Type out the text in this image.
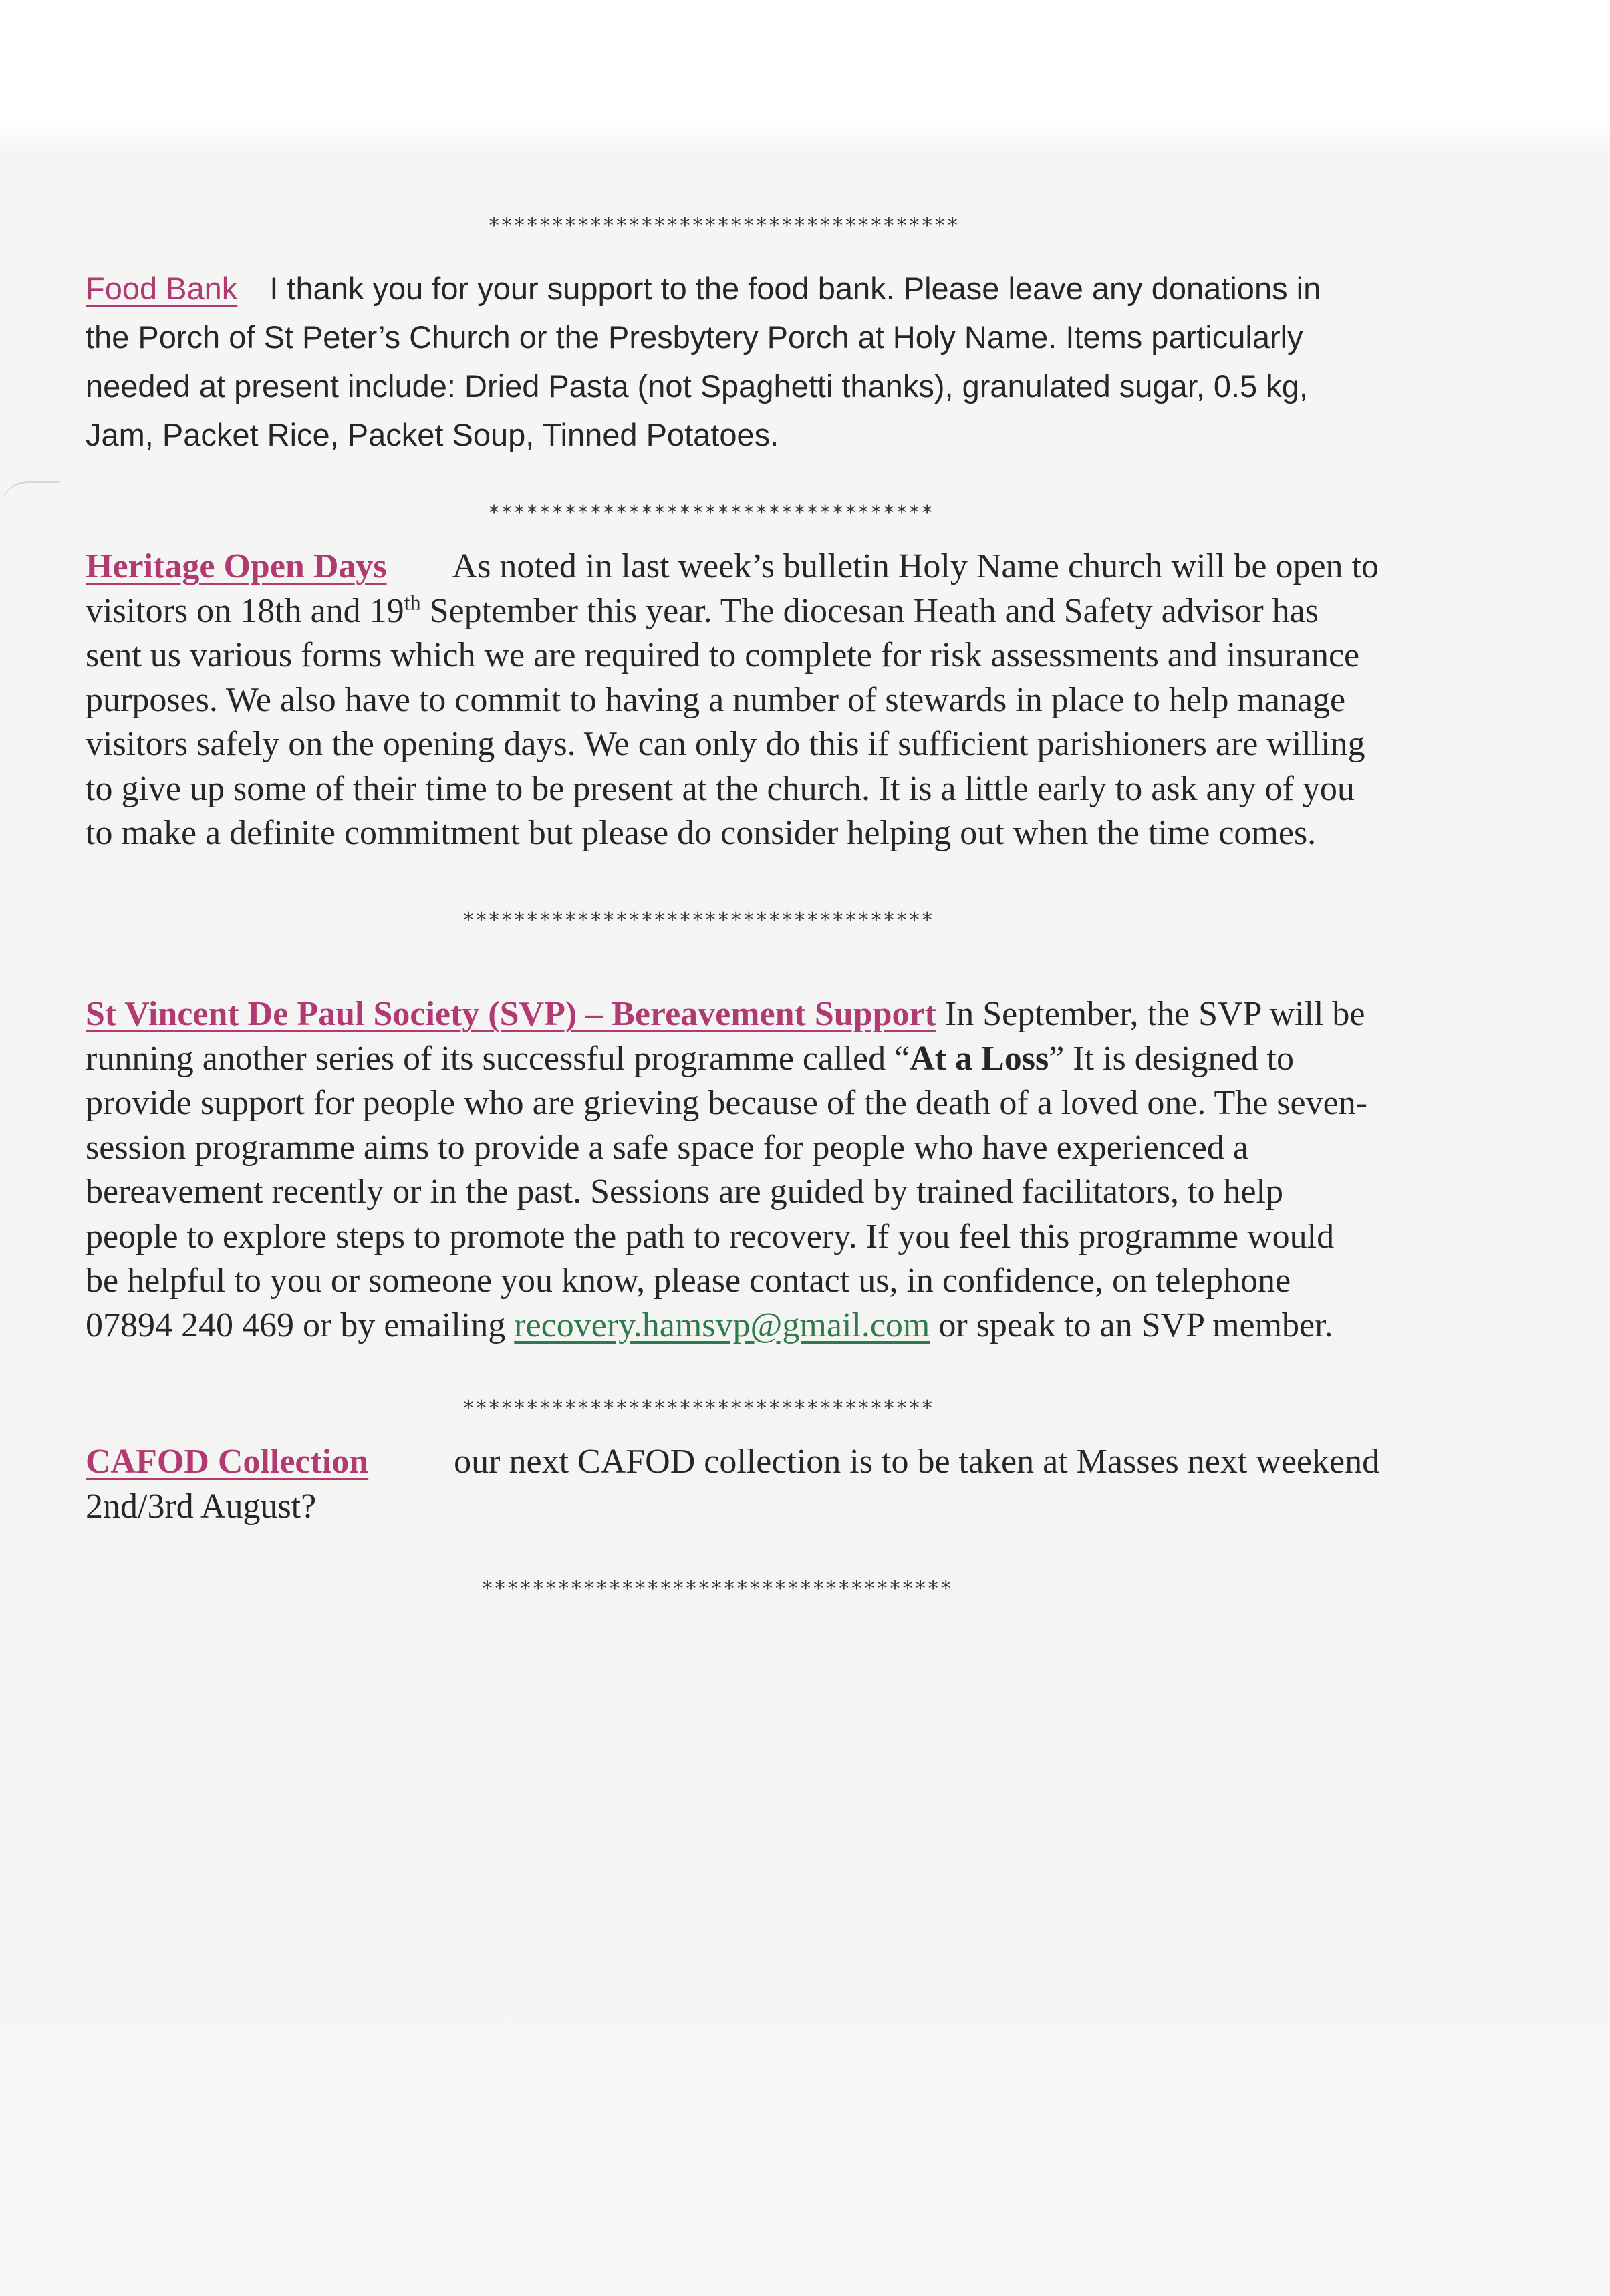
*************************************
Food Bank I thank you for your support to the food bank. Please leave any donations in
the Porch of St Peter’s Church or the Presbytery Porch at Holy Name. Items particularly
needed at present include: Dried Pasta (not Spaghetti thanks), granulated sugar, 0.5 kg,
Jam, Packet Rice, Packet Soup, Tinned Potatoes.
***********************************
Heritage Open Days As noted in last week’s bulletin Holy Name church will be open to
visitors on 18th and 19th September this year. The diocesan Heath and Safety advisor has
sent us various forms which we are required to complete for risk assessments and insurance
purposes. We also have to commit to having a number of stewards in place to help manage
visitors safely on the opening days. We can only do this if sufficient parishioners are willing
to give up some of their time to be present at the church. It is a little early to ask any of you
to make a definite commitment but please do consider helping out when the time comes.
*************************************
St Vincent De Paul Society (SVP) – Bereavement Support In September, the SVP will be
running another series of its successful programme called “At a Loss” It is designed to
provide support for people who are grieving because of the death of a loved one. The seven-
session programme aims to provide a safe space for people who have experienced a
bereavement recently or in the past. Sessions are guided by trained facilitators, to help
people to explore steps to promote the path to recovery. If you feel this programme would
be helpful to you or someone you know, please contact us, in confidence, on telephone
07894 240 469 or by emailing recovery.hamsvp@gmail.com or speak to an SVP member.
*************************************
CAFOD Collection our next CAFOD collection is to be taken at Masses next weekend
2nd/3rd August?
*************************************
